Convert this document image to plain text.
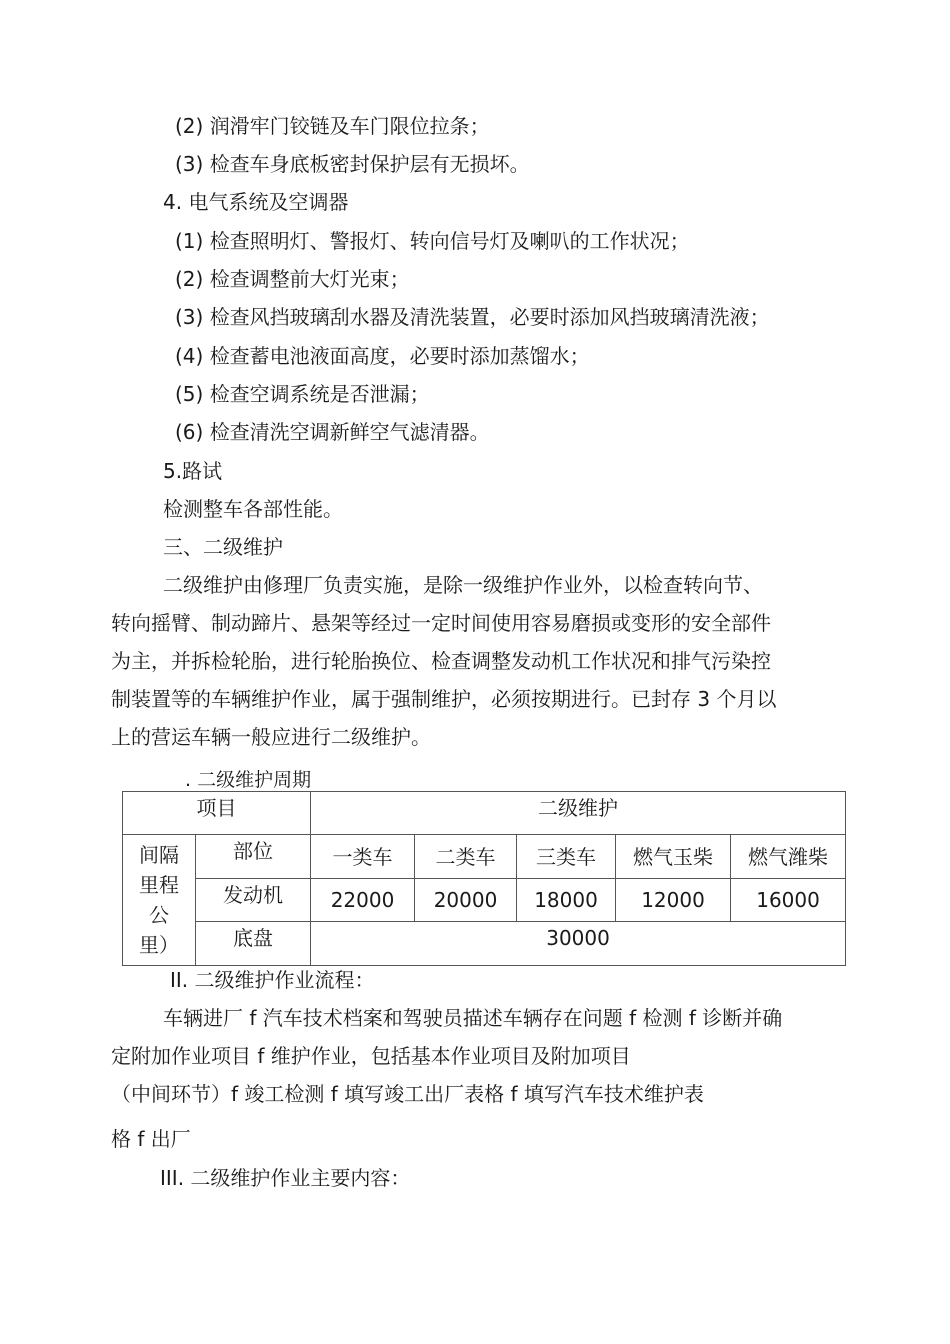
(2) 润滑牢门铰链及车门限位拉条；
(3) 检查车身底板密封保护层有无损坏。
4. 电气系统及空调器
(1) 检查照明灯、警报灯、转向信号灯及喇叭的工作状况；
(2) 检查调整前大灯光束；
(3) 检查风挡玻璃刮水器及清洗装置，必要时添加风挡玻璃清洗液；
(4) 检查蓄电池液面高度，必要时添加蒸馏水；
(5) 检查空调系统是否泄漏；
(6) 检查清洗空调新鲜空气滤清器。
5.路试
检测整车各部性能。
三、二级维护
二级维护由修理厂负责实施，是除一级维护作业外，以检查转向节、
转向摇臂、制动蹄片、悬架等经过一定时间使用容易磨损或变形的安全部件
为主，并拆检轮胎，进行轮胎换位、检查调整发动机工作状况和排气污染控
制装置等的车辆维护作业，属于强制维护，必须按期进行。已封存 3 个月以
上的营运车辆一般应进行二级维护。
. 二级维护周期
项目		二级维护				

间隔
里程
公
里）	部位	一类车	二类车	三类车	燃气玉柴	燃气潍柴
	发动机	22000	20000	18000	12000	16000
	底盘	30000				
II. 二级维护作业流程：
车辆进厂 f 汽车技术档案和驾驶员描述车辆存在问题 f 检测 f 诊断并确
定附加作业项目 f 维护作业，包括基本作业项目及附加项目
（中间环节）f 竣工检测 f 填写竣工出厂表格 f 填写汽车技术维护表
格 f 出厂
III. 二级维护作业主要内容：
